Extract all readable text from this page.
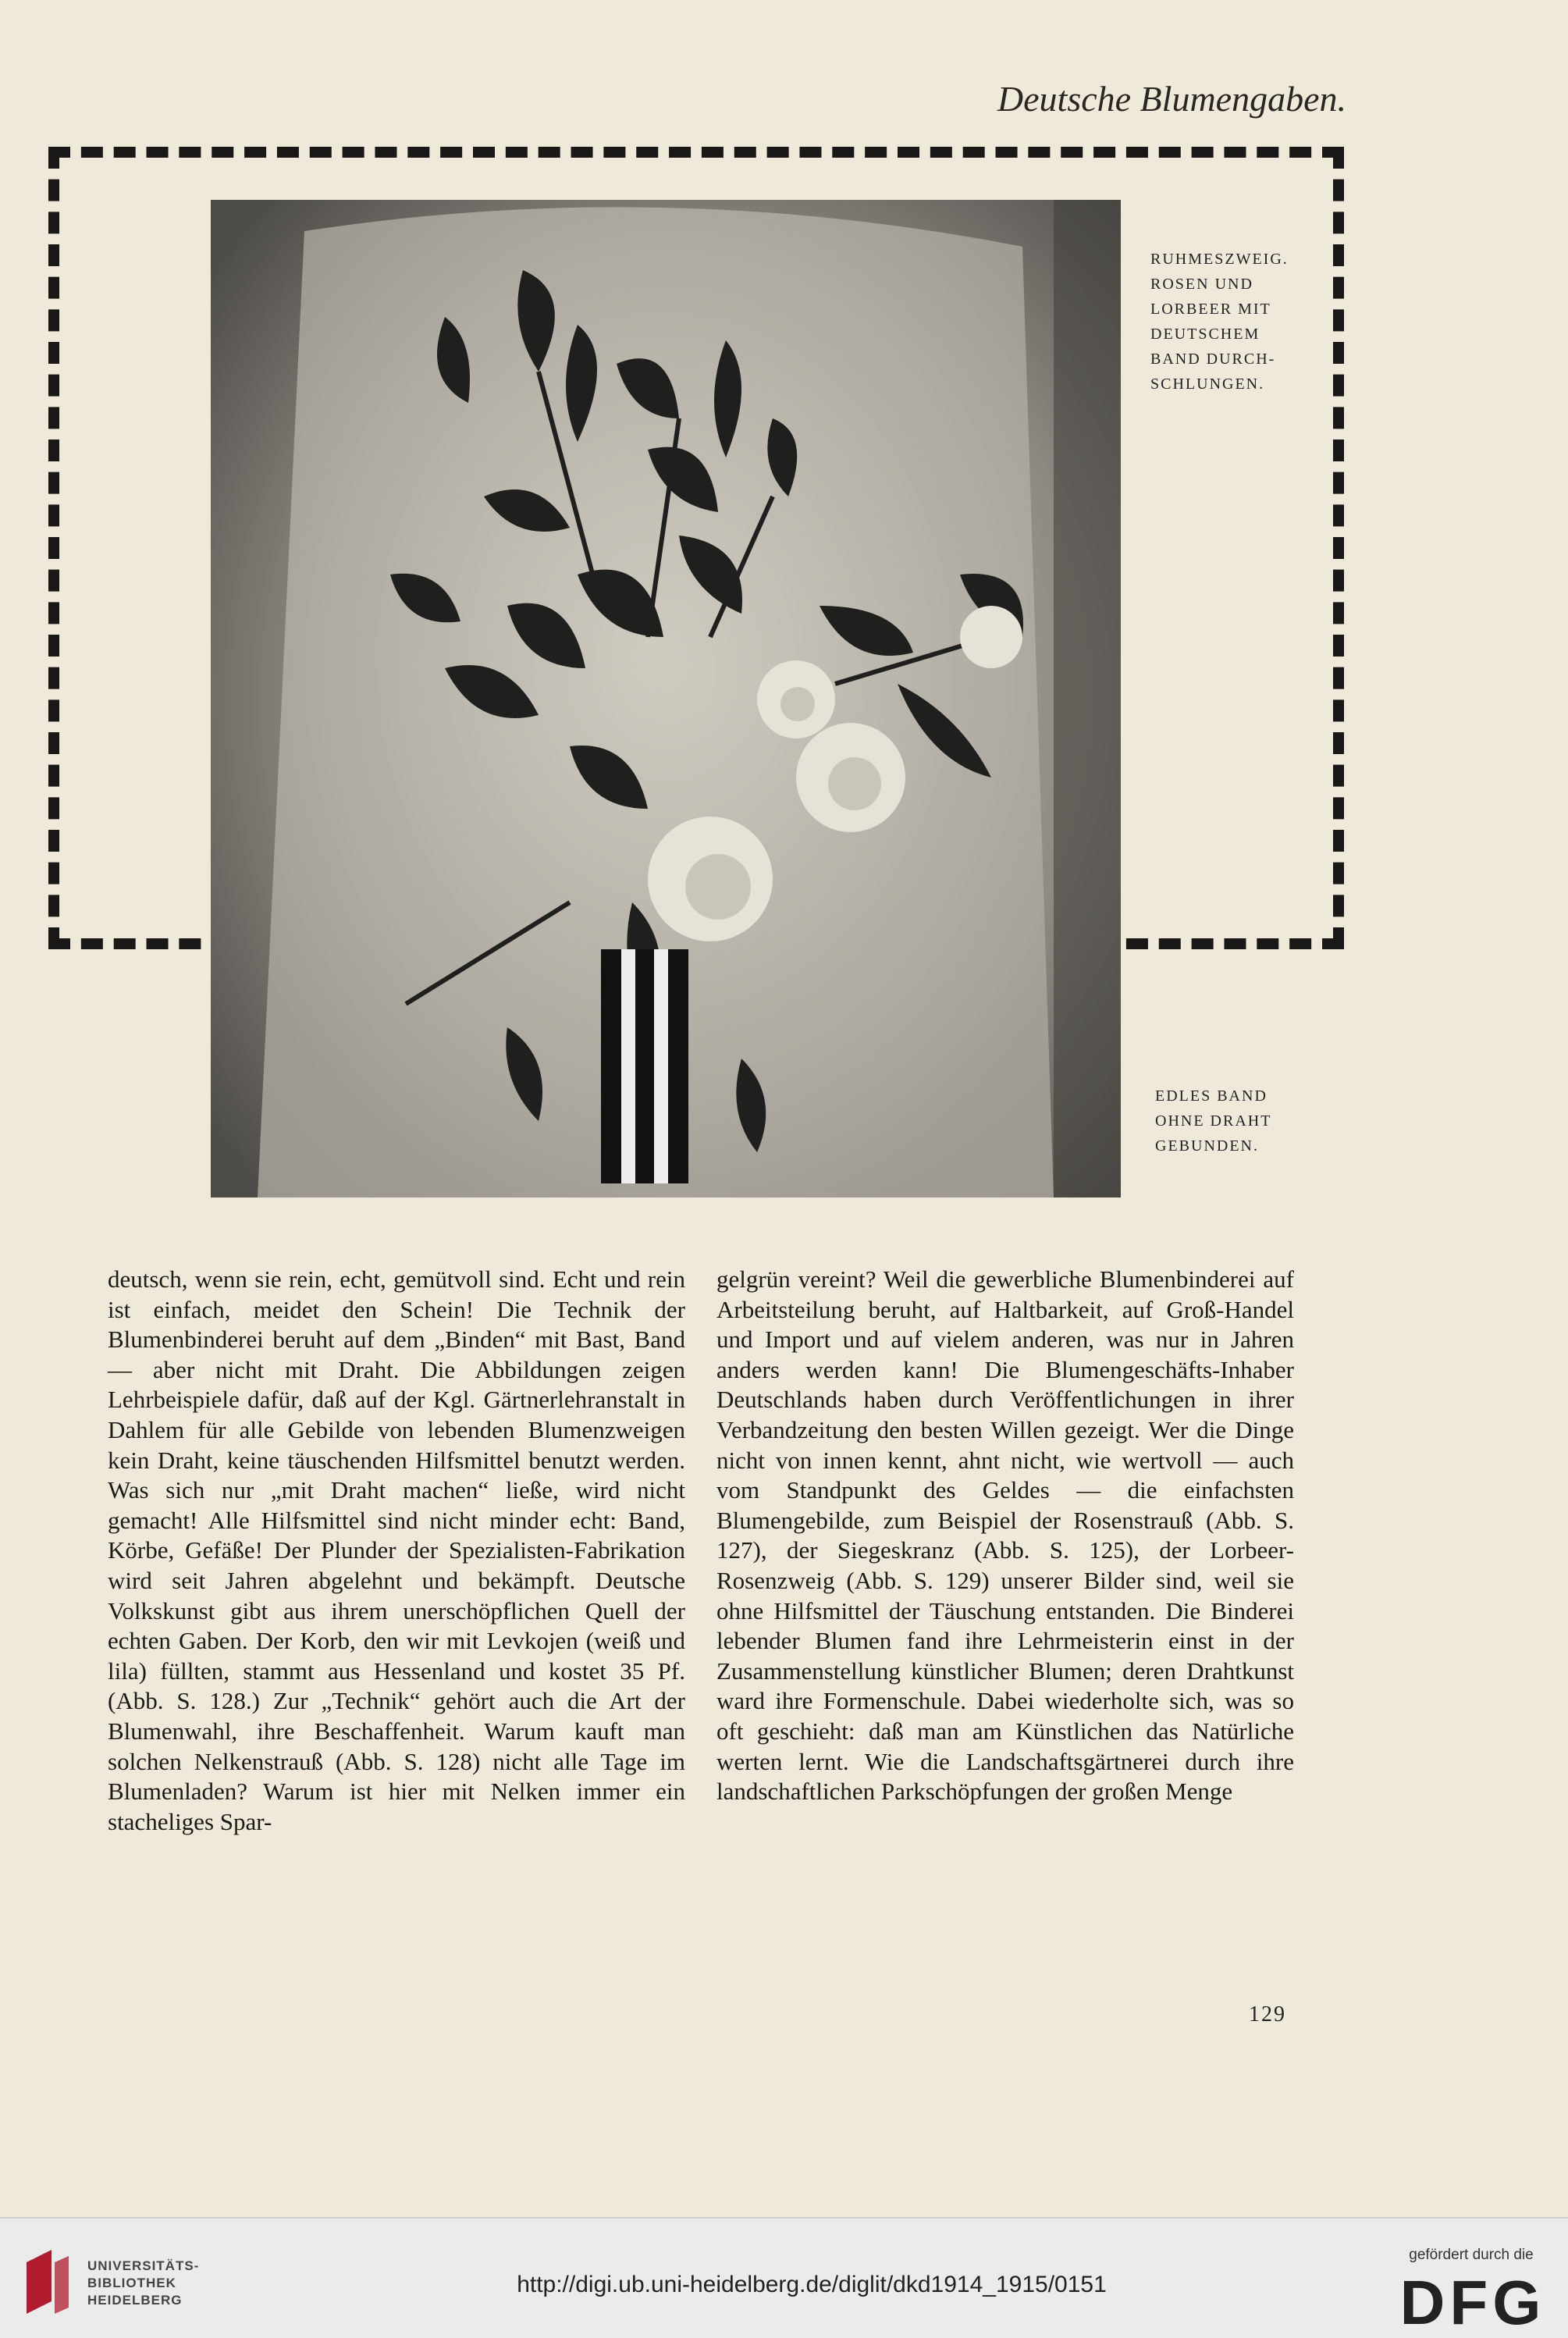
Deutsche Blumengaben.
RUHMESZWEIG.
ROSEN UND
LORBEER MIT
DEUTSCHEM
BAND DURCH-
SCHLUNGEN.
EDLES BAND
OHNE DRAHT
GEBUNDEN.

deutsch, wenn sie rein, echt, gemütvoll sind. Echt und rein ist einfach, meidet den Schein! Die Technik der Blumenbinderei beruht auf dem „Binden“ mit Bast, Band — aber nicht mit Draht. Die Abbildungen zeigen Lehrbeispiele dafür, daß auf der Kgl. Gärtnerlehranstalt in Dahlem für alle Gebilde von lebenden Blumenzweigen kein Draht, keine täuschenden Hilfsmittel benutzt werden. Was sich nur „mit Draht machen“ ließe, wird nicht gemacht! Alle Hilfsmittel sind nicht minder echt: Band, Körbe, Gefäße! Der Plunder der Spezialisten-Fabrikation wird seit Jahren abgelehnt und bekämpft. Deutsche Volkskunst gibt aus ihrem unerschöpflichen Quell der echten Gaben. Der Korb, den wir mit Levkojen (weiß und lila) füllten, stammt aus Hessenland und kostet 35 Pf. (Abb. S. 128.) Zur „Technik“ gehört auch die Art der Blumenwahl, ihre Beschaffenheit. Warum kauft man solchen Nelkenstrauß (Abb. S. 128) nicht alle Tage im Blumenladen? Warum ist hier mit Nelken immer ein stacheliges Spar-

gelgrün vereint? Weil die gewerbliche Blumenbinderei auf Arbeitsteilung beruht, auf Haltbarkeit, auf Groß-Handel und Import und auf vielem anderen, was nur in Jahren anders werden kann! Die Blumengeschäfts-Inhaber Deutschlands haben durch Veröffentlichungen in ihrer Verbandzeitung den besten Willen gezeigt. Wer die Dinge nicht von innen kennt, ahnt nicht, wie wertvoll — auch vom Standpunkt des Geldes — die einfachsten Blumengebilde, zum Beispiel der Rosenstrauß (Abb. S. 127), der Siegeskranz (Abb. S. 125), der Lorbeer-Rosenzweig (Abb. S. 129) unserer Bilder sind, weil sie ohne Hilfsmittel der Täuschung entstanden. Die Binderei lebender Blumen fand ihre Lehrmeisterin einst in der Zusammenstellung künstlicher Blumen; deren Drahtkunst ward ihre Formenschule. Dabei wiederholte sich, was so oft geschieht: daß man am Künstlichen das Natürliche werten lernt. Wie die Landschaftsgärtnerei durch ihre landschaftlichen Parkschöpfungen der großen Menge

129
UNIVERSITÄTS-
BIBLIOTHEK
HEIDELBERG
http://digi.ub.uni-heidelberg.de/diglit/dkd1914_1915/0151
gefördert durch die
DFG
